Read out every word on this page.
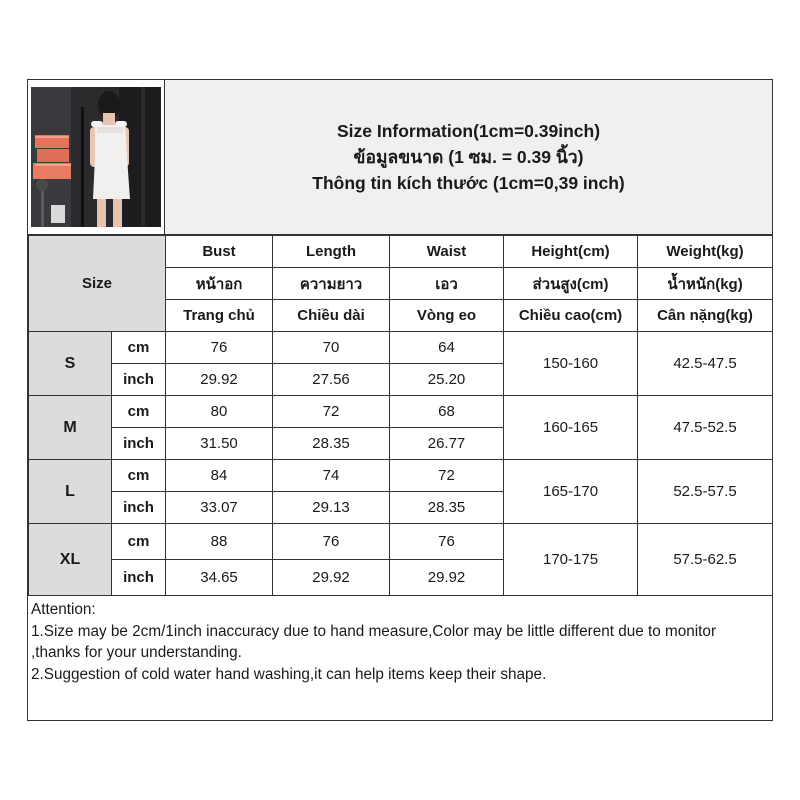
Size Information(1cm=0.39inch)
ข้อมูลขนาด (1 ซม. = 0.39 นิ้ว)
Thông tin kích thước (1cm=0,39 inch)
Size		Bust	Length	Waist	Height(cm)	Weight(kg)
		หน้าอก	ความยาว	เอว	ส่วนสูง(cm)	น้ำหนัก(kg)
		Trang chủ	Chiều dài	Vòng eo	Chiều cao(cm)	Cân nặng(kg)
S	cm	76	70	64	150-160	42.5-47.5
	inch	29.92	27.56	25.20		
M	cm	80	72	68	160-165	47.5-52.5
	inch	31.50	28.35	26.77		
L	cm	84	74	72	165-170	52.5-57.5
	inch	33.07	29.13	28.35		
XL	cm	88	76	76	170-175	57.5-62.5
	inch	34.65	29.92	29.92		
Attention:
1.Size may be 2cm/1inch inaccuracy due to hand measure,Color may be little different due to monitor ,thanks for your understanding.
2.Suggestion of cold water hand washing,it can help items keep their shape.
